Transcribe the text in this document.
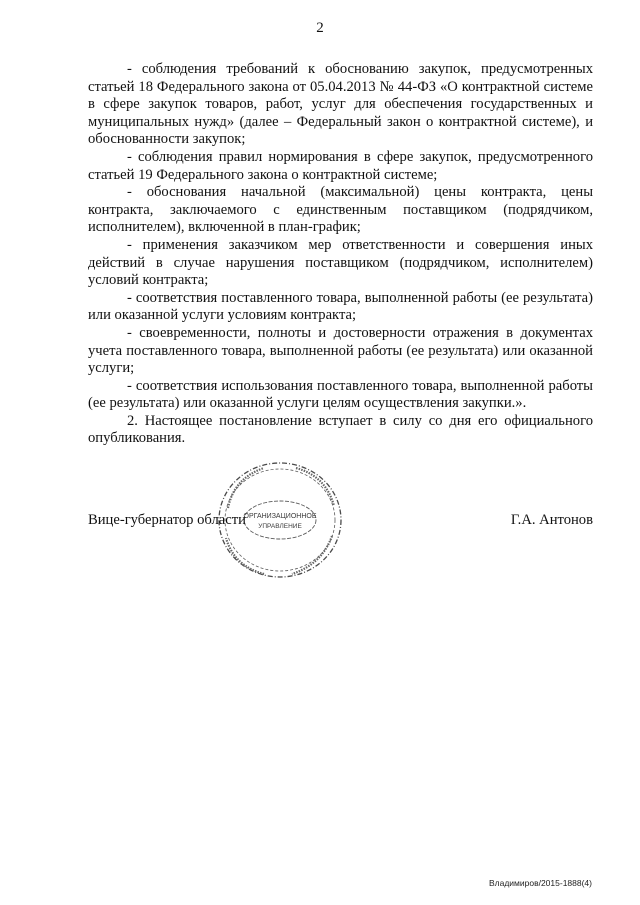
2

- соблюдения требований к обоснованию закупок, предусмотренных статьей 18 Федерального закона от 05.04.2013 № 44-ФЗ «О контрактной системе в сфере закупок товаров, работ, услуг для обеспечения государственных и муниципальных нужд» (далее – Федеральный закон о контрактной системе), и обоснованности закупок;

- соблюдения правил нормирования в сфере закупок, предусмотренного статьей 19 Федерального закона о контрактной системе;

- обоснования начальной (максимальной) цены контракта, цены контракта, заключаемого с единственным поставщиком (подрядчиком, исполнителем), включенной в план-график;

- применения заказчиком мер ответственности и совершения иных действий в случае нарушения поставщиком (подрядчиком, исполнителем) условий контракта;

- соответствия поставленного товара, выполненной работы (ее результата) или оказанной услуги условиям контракта;

- своевременности, полноты и достоверности отражения в документах учета поставленного товара, выполненной работы (ее результата) или оказанной услуги;

- соответствия использования поставленного товара, выполненной работы (ее результата) или оказанной услуги целям осуществления закупки.».

2. Настоящее постановление вступает в силу со дня его официального опубликования.

Вице-губернатор области	Г.А. Антонов
ОРГАНИЗАЦИОННОЕ
УПРАВЛЕНИЕ
Владимиров/2015-1888(4)
